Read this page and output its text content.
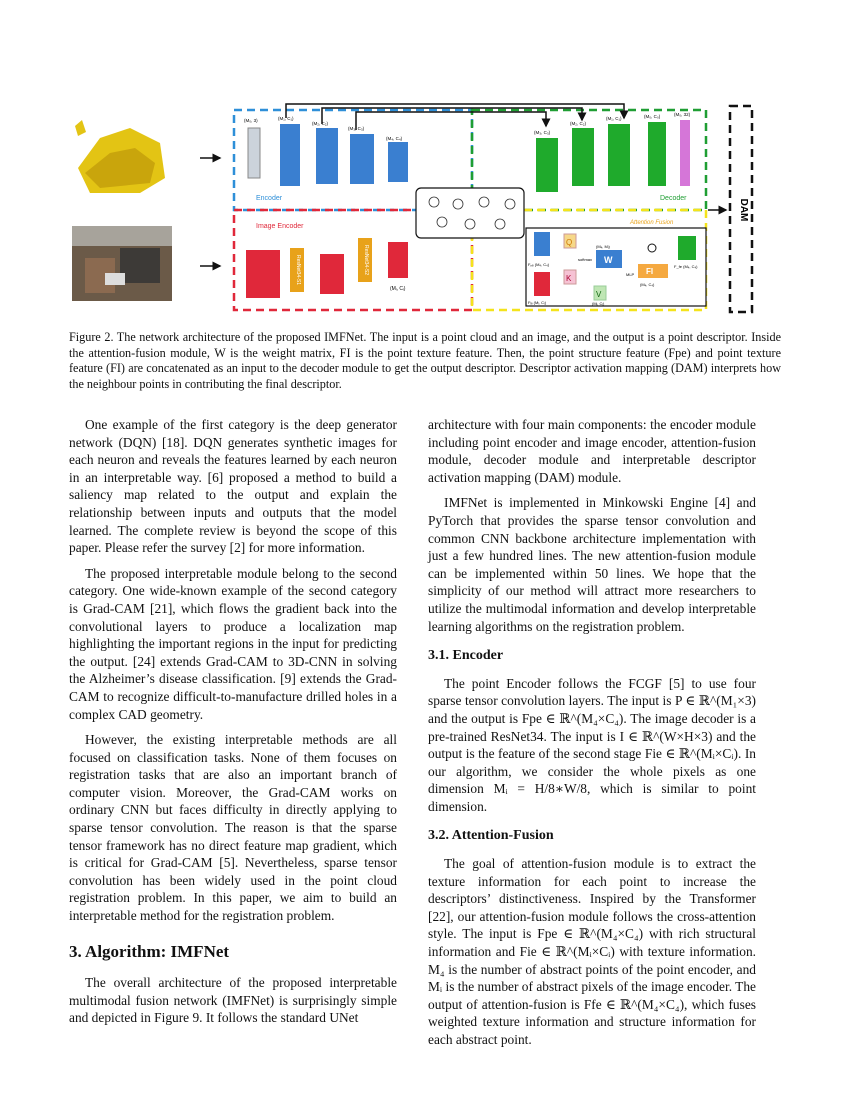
DAM
Encoder	Decoder
Image Encoder
ResNet34-S1	ResNet34-S2
(Mᵢ, Cᵢ)
Attention Fusion
Q
K
V
W
FI
Fₚₑ (M₄, C₄)
Fᵢₑ (Mᵢ, Cᵢ)
F_fe (M₄, C₄)
(M₄, Mᵢ)
(M₄, C₄)
(Mᵢ, Cᵢ)
softmax
MLP
(M₀, 3)	(M₁, C₁)
(M₂, C₂)
(M₃, C₃)
(M₄, C₄)
(M₃, C₃)
(M₂, C₂)
(M₁, C₁)	(M₀, C₀)	(M₀, 32)
Figure 2. The network architecture of the proposed IMFNet. The input is a point cloud and an image, and the output is a point descriptor. Inside the attention-fusion module, W is the weight matrix, FI is the point texture feature. Then, the point structure feature (Fpe) and point texture feature (FI) are concatenated as an input to the decoder module to get the output descriptor. Descriptor activation mapping (DAM) interprets how the neighbour points in contributing the final descriptor.

One example of the first category is the deep generator network (DQN) [18]. DQN generates synthetic images for each neuron and reveals the features learned by each neuron in an interpretable way. [6] proposed a method to build a saliency map related to the output and explain the relationship between inputs and outputs that the model learned. The complete review is beyond the scope of this paper. Please refer the survey [2] for more information.

The proposed interpretable module belong to the second category. One wide-known example of the second category is Grad-CAM [21], which flows the gradient back into the convolutional layers to produce a localization map highlighting the important regions in the input for predicting the output. [24] extends Grad-CAM to 3D-CNN in solving the Alzheimer’s disease classification. [9] extends the Grad-CAM to recognize difficult-to-manufacture drilled holes in a complex CAD geometry.

However, the existing interpretable methods are all focused on classification tasks. None of them focuses on registration tasks that are also an important branch of computer vision. Moreover, the Grad-CAM works on ordinary CNN but faces difficulty in directly applying to sparse tensor convolution. The reason is that the sparse tensor framework has no direct feature map gradient, which is critical for Grad-CAM [5]. Nevertheless, sparse tensor convolution has been widely used in the point cloud registration problem. In this paper, we aim to build an interpretable method for the registration problem.

3. Algorithm: IMFNet

The overall architecture of the proposed interpretable multimodal fusion network (IMFNet) is surprisingly simple and depicted in Figure 9. It follows the standard UNet

architecture with four main components: the encoder module including point encoder and image encoder, attention-fusion module, decoder module and interpretable descriptor activation mapping (DAM) module.

IMFNet is implemented in Minkowski Engine [4] and PyTorch that provides the sparse tensor convolution and common CNN backbone architecture implementation with just a few hundred lines. The new attention-fusion module can be implemented within 50 lines. We hope that the simplicity of our method will attract more researchers to utilize the multimodal information and develop interpretable learning algorithms on the registration problem.

3.1. Encoder

The point Encoder follows the FCGF [5] to use four sparse tensor convolution layers. The input is P ∈ ℝ^(M₁×3) and the output is Fpe ∈ ℝ^(M₄×C₄). The image decoder is a pre-trained ResNet34. The input is I ∈ ℝ^(W×H×3) and the output is the feature of the second stage Fie ∈ ℝ^(Mᵢ×Cᵢ). In our algorithm, we consider the whole pixels as one dimension Mᵢ = H/8∗W/8, which is similar to point dimension.

3.2. Attention-Fusion

The goal of attention-fusion module is to extract the texture information for each point to increase the descriptors’ distinctiveness. Inspired by the Transformer [22], our attention-fusion module follows the cross-attention style. The input is Fpe ∈ ℝ^(M₄×C₄) with rich structural information and Fie ∈ ℝ^(Mᵢ×Cᵢ) with texture information. M₄ is the number of abstract points of the point encoder, and Mᵢ is the number of abstract pixels of the image encoder. The output of attention-fusion is Ffe ∈ ℝ^(M₄×C₄), which fuses weighted texture information and structure information for each abstract point.
